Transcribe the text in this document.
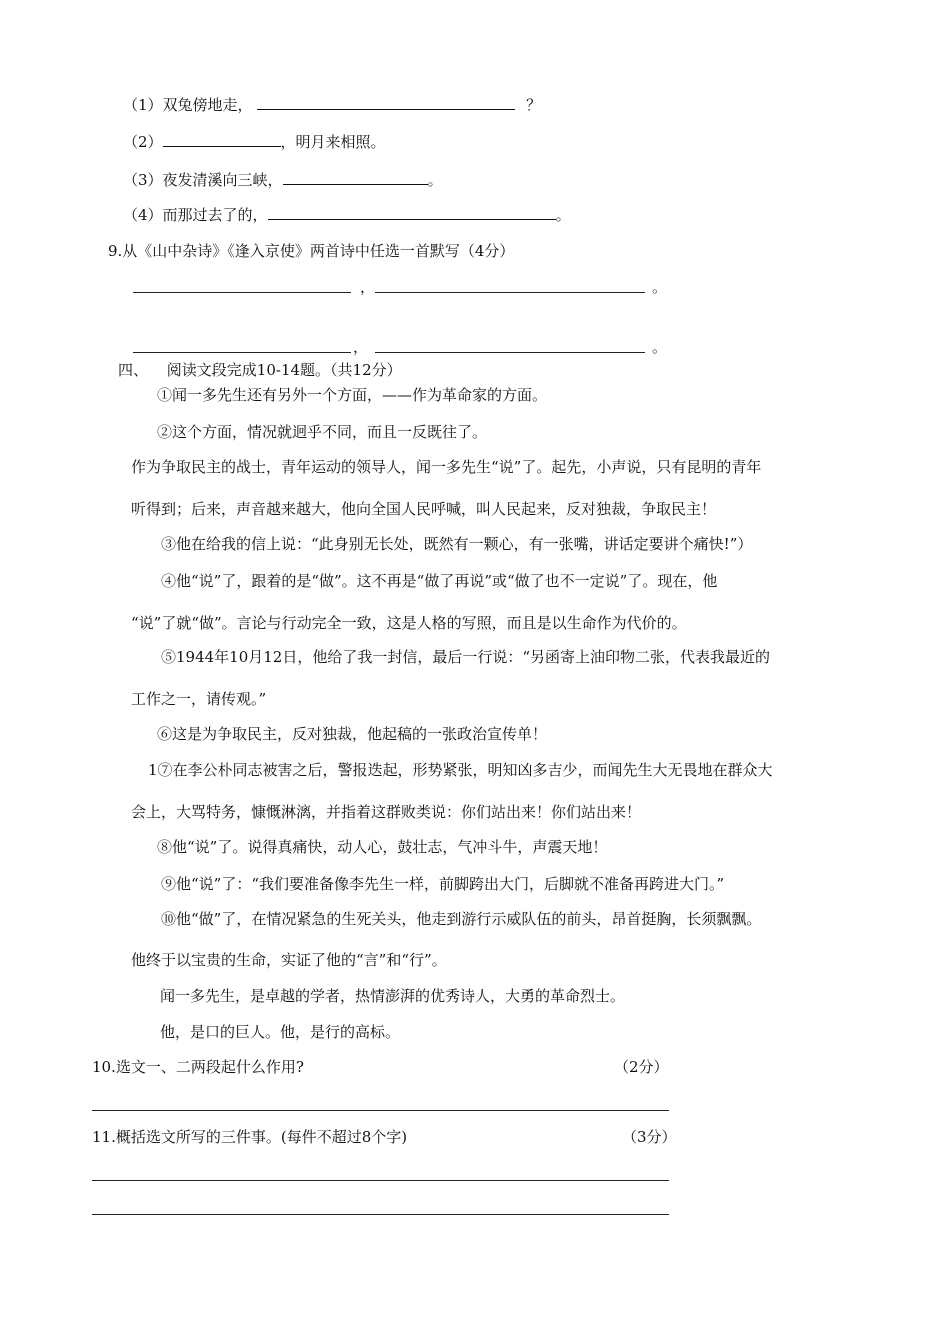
（1）双兔傍地走，	？
（2）	，明月来相照。
（3）夜发清溪向三峡，	。
（4）而那过去了的，	。
9.从《山中杂诗》《逢入京使》两首诗中任选一首默写（4分）
，	。
，	。
四、 阅读文段完成10-14题。（共12分）
①闻一多先生还有另外一个方面，——作为革命家的方面。
②这个方面，情况就迥乎不同，而且一反既往了。
作为争取民主的战士，青年运动的领导人，闻一多先生“说”了。起先，小声说，只有昆明的青年
听得到；后来，声音越来越大，他向全国人民呼喊，叫人民起来，反对独裁，争取民主！
③他在给我的信上说：“此身别无长处，既然有一颗心，有一张嘴，讲话定要讲个痛快!”）
④他“说”了，跟着的是“做”。这不再是“做了再说”或“做了也不一定说”了。现在，他
“说”了就“做”。言论与行动完全一致，这是人格的写照，而且是以生命作为代价的。
⑤1944年10月12日，他给了我一封信，最后一行说：“另函寄上油印物二张，代表我最近的
工作之一，请传观。”
⑥这是为争取民主，反对独裁，他起稿的一张政治宣传单！
1⑦在李公朴同志被害之后，警报迭起，形势紧张，明知凶多吉少，而闻先生大无畏地在群众大
会上，大骂特务，慷慨淋漓，并指着这群败类说：你们站出来！你们站出来！
⑧他“说”了。说得真痛快，动人心，鼓壮志，气冲斗牛，声震天地！
⑨他“说”了：“我们要准备像李先生一样，前脚跨出大门，后脚就不准备再跨进大门。”
⑩他“做”了，在情况紧急的生死关头，他走到游行示威队伍的前头，昂首挺胸，长须飘飘。
他终于以宝贵的生命，实证了他的“言”和“行”。
闻一多先生，是卓越的学者，热情澎湃的优秀诗人，大勇的革命烈士。
他，是口的巨人。他，是行的高标。
10.选文一、二两段起什么作用?	（2分）
11.概括选文所写的三件事。(每件不超过8个字)	（3分）
